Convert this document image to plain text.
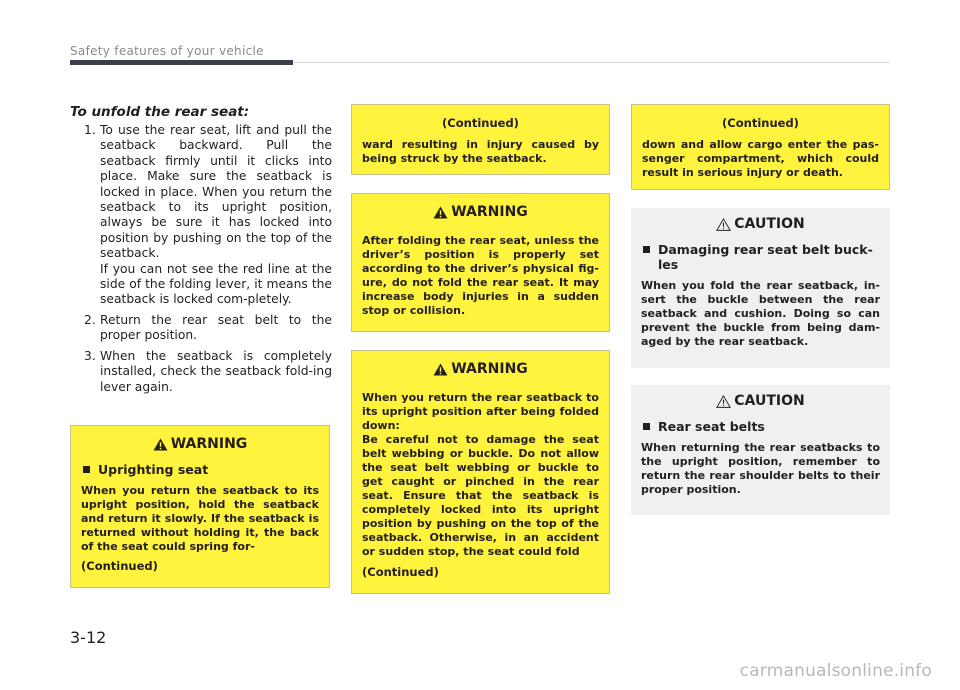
Safety features of your vehicle
To unfold the rear seat:
1. To use the rear seat, lift and pull the seatback backward. Pull the seatback firmly until it clicks into place. Make sure the seatback is locked in place. When you return the seatback to its upright position, always be sure it has locked into position by pushing on the top of the seatback.

If you can not see the red line at the side of the folding lever, it means the seatback is locked com-pletely.

2. Return the rear seat belt to the proper position.

3. When the seatback is completely installed, check the seatback fold-ing lever again.

WARNING
Uprighting seat
When you return the seatback to its upright position, hold the seatback and return it slowly. If the seatback is returned without holding it, the back of the seat could spring for-
(Continued)
(Continued)
ward resulting in injury caused by being struck by the seatback.
WARNING
After folding the rear seat, unless the driver’s position is properly set according to the driver’s physical fig-ure, do not fold the rear seat. It may increase body injuries in a sudden stop or collision.
WARNING
When you return the rear seatback to its upright position after being folded down:
Be careful not to damage the seat belt webbing or buckle. Do not allow the seat belt webbing or buckle to get caught or pinched in the rear seat. Ensure that the seatback is completely locked into its upright position by pushing on the top of the seatback. Otherwise, in an accident or sudden stop, the seat could fold
(Continued)
(Continued)
down and allow cargo enter the pas-senger compartment, which could result in serious injury or death.
CAUTION
Damaging rear seat belt buck-les
When you fold the rear seatback, in-sert the buckle between the rear seatback and cushion. Doing so can prevent the buckle from being dam-aged by the rear seatback.
CAUTION
Rear seat belts
When returning the rear seatbacks to the upright position, remember to return the rear shoulder belts to their proper position.
3-12
carmanualsonline.info
